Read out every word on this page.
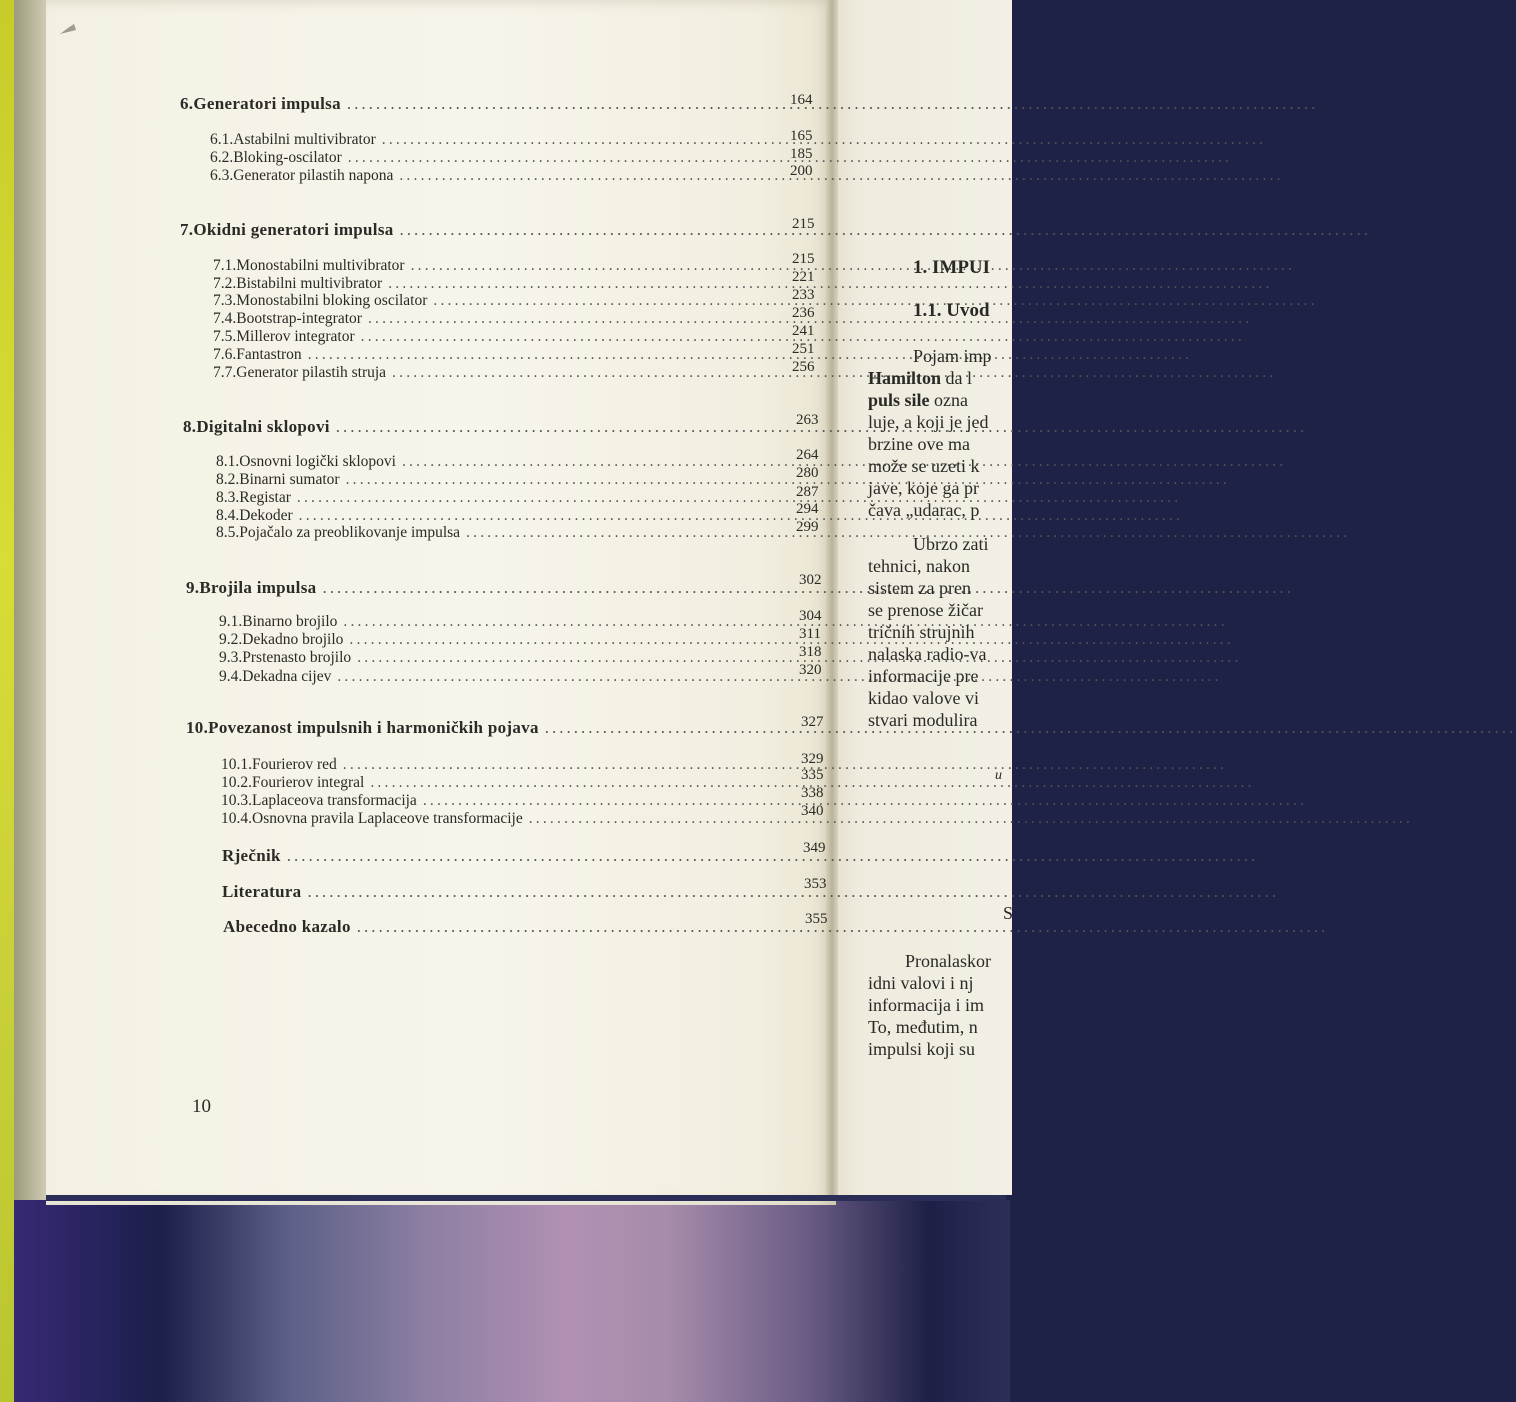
6. Generatori impulsa .....	164
6.1. Astabilni multivibrator .....	165
6.2. Bloking-oscilator .....	185
6.3. Generator pilastih napona .....	200
7. Okidni generatori impulsa .....	215
7.1. Monostabilni multivibrator .....	215
7.2. Bistabilni multivibrator .....	221
7.3. Monostabilni bloking oscilator .....	233
7.4. Bootstrap-integrator .....	236
7.5. Millerov integrator .....	241
7.6. Fantastron .....	251
7.7. Generator pilastih struja .....	256
8. Digitalni sklopovi .....	263
8.1. Osnovni logički sklopovi .....	264
8.2. Binarni sumator .....	280
8.3. Registar .....	287
8.4. Dekoder .....	294
8.5. Pojačalo za preoblikovanje impulsa .....	299
9. Brojila impulsa .....	302
9.1. Binarno brojilo .....	304
9.2. Dekadno brojilo .....	311
9.3. Prstenasto brojilo .....	318
9.4. Dekadna cijev .....	320
10. Povezanost impulsnih i harmoničkih pojava .....	327
10.1. Fourierov red .....	329
10.2. Fourierov integral .....	335
10.3. Laplaceova transformacija .....	338
10.4. Osnovna pravila Laplaceove transformacije .....	340
Rječnik .....	349
Literatura .....	353
Abecedno kazalo .....	355
10
1. IMPUI
1.1. Uvod
Pojam imp
Hamilton da l
puls sile ozna
luje, a koji je jed
brzine ove ma
može se uzeti k
jave, koje ga pr
čava „udarac, p
Ubrzo zati
tehnici, nakon
sistem za pren
se prenose žičar
tričnih strujnih
nalaska radio-va
informacije pre
kidao valove vi
stvari modulira
u
S
Pronalaskor
idni valovi i nj
informacija i im
To, međutim, n
impulsi koji su
